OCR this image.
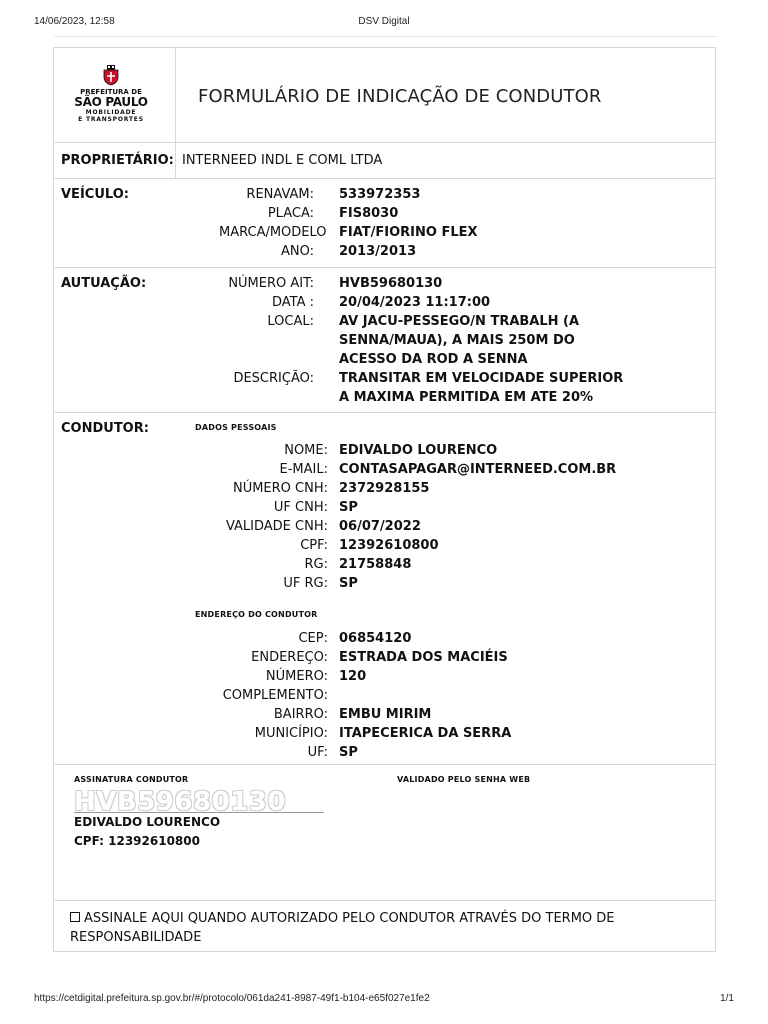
14/06/2023, 12:58	DSV Digital
PREFEITURA DE
SÃO PAULO
MOBILIDADE
E TRANSPORTES
FORMULÁRIO DE INDICAÇÃO DE CONDUTOR
PROPRIETÁRIO: INTERNEED INDL E COML LTDA
VEÍCULO:	RENAVAM: 533972353
PLACA: FIS8030
MARCA/MODELO FIAT/FIORINO FLEX
ANO: 2013/2013
AUTUAÇÃO:	NÚMERO AIT: HVB59680130
DATA : 20/04/2023 11:17:00
LOCAL: AV JACU-PESSEGO/N TRABALH (A SENNA/MAUA), A MAIS 250M DO ACESSO DA ROD A SENNA
DESCRIÇÃO: TRANSITAR EM VELOCIDADE SUPERIOR A MAXIMA PERMITIDA EM ATE 20%
CONDUTOR:	DADOS PESSOAIS
NOME: EDIVALDO LOURENCO
E-MAIL: CONTASAPAGAR@INTERNEED.COM.BR
NÚMERO CNH: 2372928155
UF CNH: SP
VALIDADE CNH: 06/07/2022
CPF: 12392610800
RG: 21758848
UF RG: SP
ENDEREÇO DO CONDUTOR
CEP: 06854120
ENDEREÇO: ESTRADA DOS MACIÉIS
NÚMERO: 120
COMPLEMENTO:
BAIRRO: EMBU MIRIM
MUNICÍPIO: ITAPECERICA DA SERRA
UF: SP
ASSINATURA CONDUTOR	VALIDADO PELO SENHA WEB
HVB59680130
EDIVALDO LOURENCO
CPF: 12392610800
ASSINALE AQUI QUANDO AUTORIZADO PELO CONDUTOR ATRAVÉS DO TERMO DE RESPONSABILIDADE
https://cetdigital.prefeitura.sp.gov.br/#/protocolo/061da241-8987-49f1-b104-e65f027e1fe2	1/1
